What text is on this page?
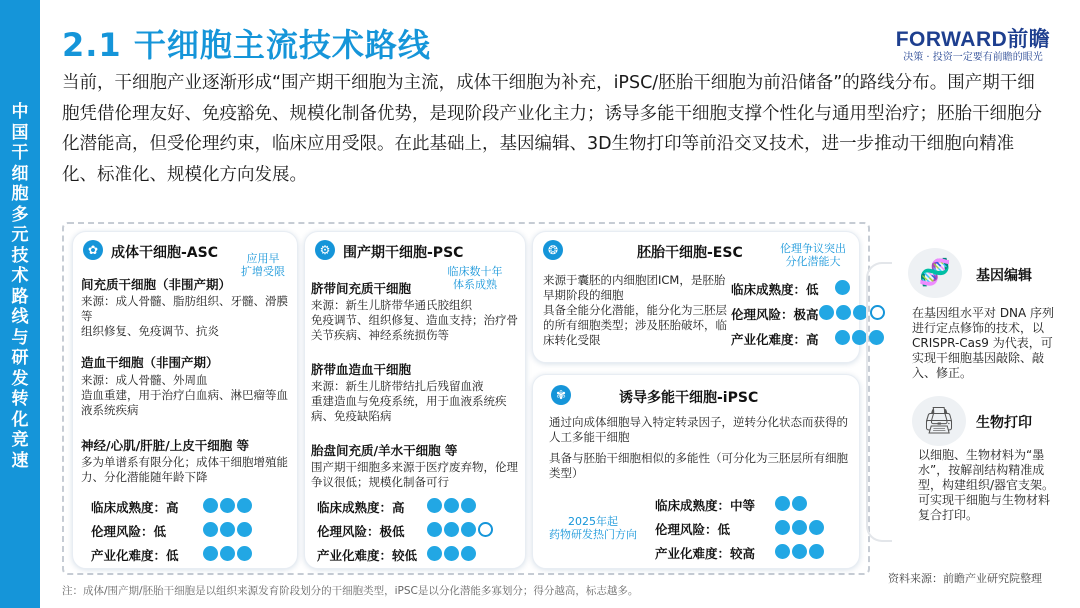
中
国
干
细
胞
多
元
技
术
路
线
与
研
发
转
化
竞
速
2.1 干细胞主流技术路线	FORWARD前瞻
决策 · 投资一定要有前瞻的眼光
当前，干细胞产业逐渐形成“围产期干细胞为主流，成体干细胞为补充，iPSC/胚胎干细胞为前沿储备”的路线分布。围产期干细胞凭借伦理友好、免疫豁免、规模化制备优势，是现阶段产业化主力；诱导多能干细胞支撑个性化与通用型治疗；胚胎干细胞分化潜能高，但受伦理约束，临床应用受限。在此基础上，基因编辑、3D生物打印等前沿交叉技术，进一步推动干细胞向精准化、标准化、规模化方向发展。
✿ 成体干细胞-ASC	应用早
扩增受限
间充质干细胞（非围产期）
来源：成人骨髓、脂肪组织、牙髓、滑膜等
组织修复、免疫调节、抗炎
造血干细胞（非围产期）
来源：成人骨髓、外周血
造血重建，用于治疗白血病、淋巴瘤等血液系统疾病
神经/心肌/肝脏/上皮干细胞 等
多为单谱系有限分化；成体干细胞增殖能力、分化潜能随年龄下降
临床成熟度：高
伦理风险：低
产业化难度：低
⚙ 围产期干细胞-PSC
临床数十年
体系成熟
脐带间充质干细胞
来源：新生儿脐带华通氏胶组织
免疫调节、组织修复、造血支持；治疗骨关节疾病、神经系统损伤等
脐带血造血干细胞
来源：新生儿脐带结扎后残留血液
重建造血与免疫系统，用于血液系统疾病、免疫缺陷病
胎盘间充质/羊水干细胞 等
围产期干细胞多来源于医疗废弃物，伦理争议很低；规模化制备可行
临床成熟度：高
伦理风险：极低
产业化难度：较低
❂	胚胎干细胞-ESC	伦理争议突出
分化潜能大
来源于囊胚的内细胞团ICM，是胚胎早期阶段的细胞
具备全能分化潜能，能分化为三胚层的所有细胞类型；涉及胚胎破坏，临床转化受限
临床成熟度：低
伦理风险：极高
产业化难度：高
✾	诱导多能干细胞-iPSC
通过向成体细胞导入特定转录因子，逆转分化状态而获得的人工多能干细胞
具备与胚胎干细胞相似的多能性（可分化为三胚层所有细胞类型）
2025年起
药物研发热门方向
临床成熟度：中等
伦理风险：低
产业化难度：较高
🧬	基因编辑
在基因组水平对 DNA 序列进行定点修饰的技术，以 CRISPR-Cas9 为代表，可实现干细胞基因敲除、敲入、修正。
🖨	生物打印
以细胞、生物材料为“墨水”，按解剖结构精准成型，构建组织/器官支架。可实现干细胞与生物材料复合打印。
注：成体/围产期/胚胎干细胞是以组织来源发育阶段划分的干细胞类型，iPSC是以分化潜能多寡划分；得分越高，标志越多。
资料来源：前瞻产业研究院整理
